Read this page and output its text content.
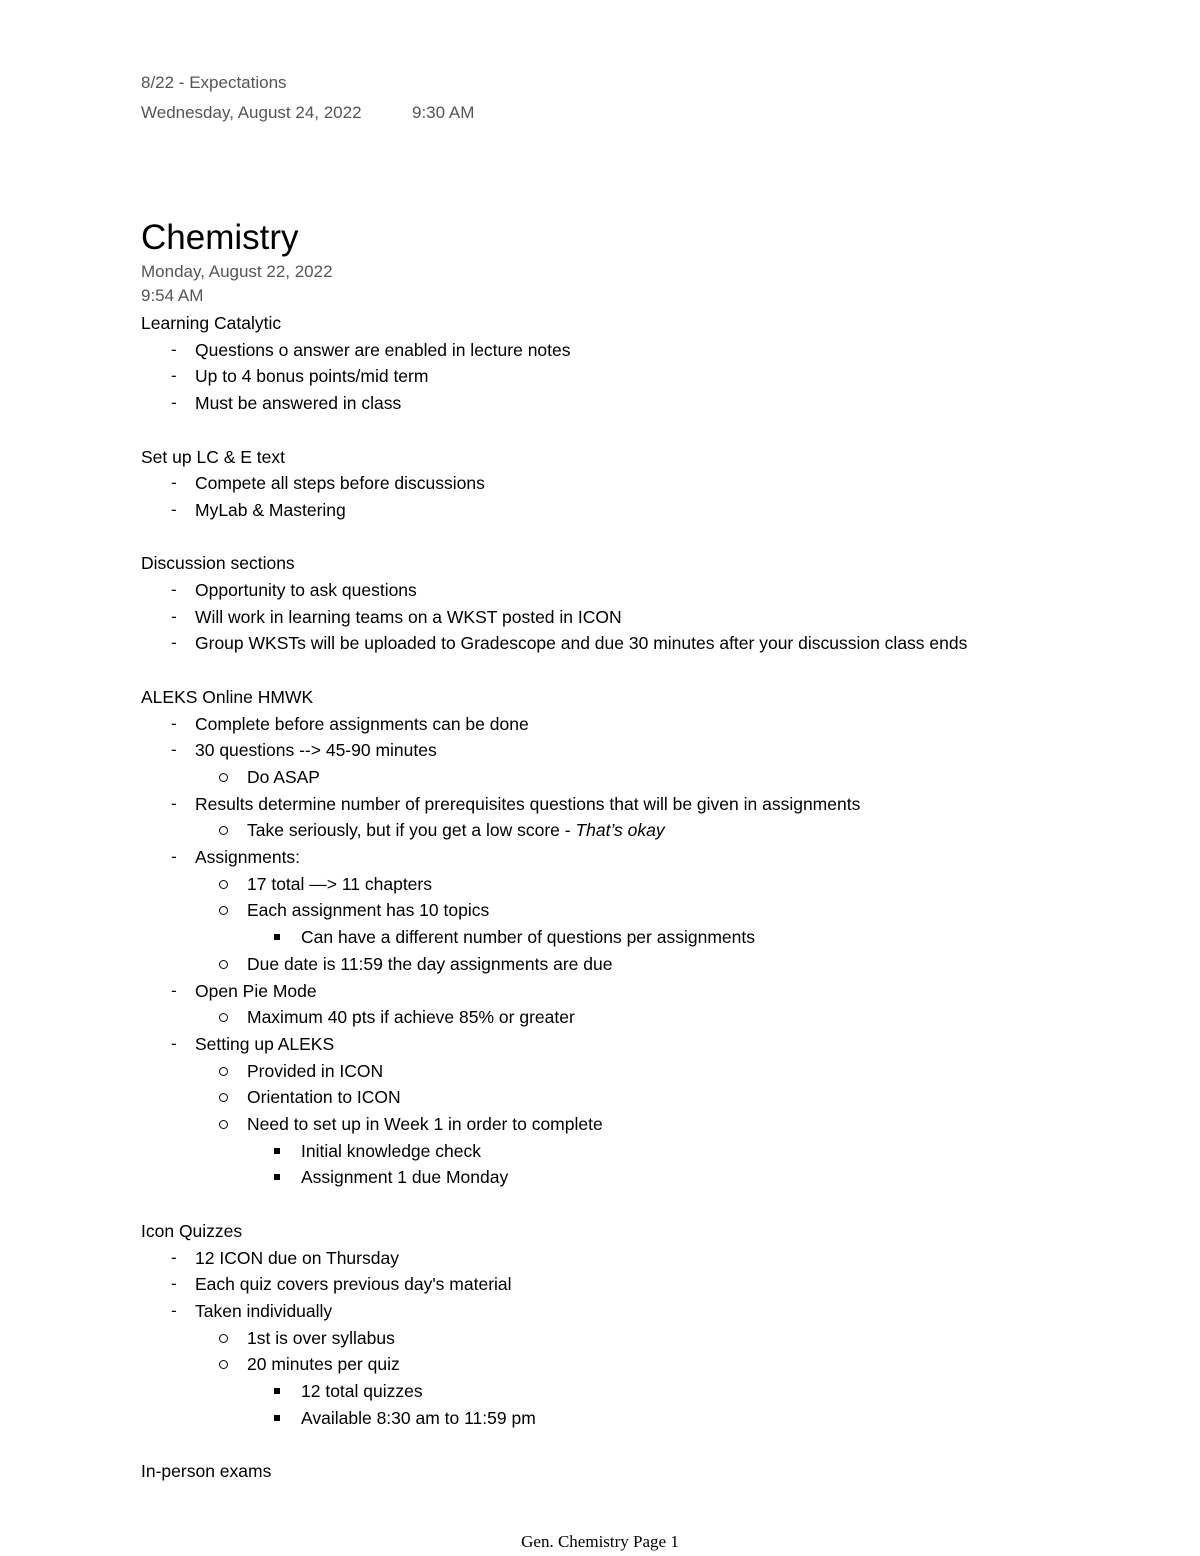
8/22 - Expectations
Wednesday, August 24, 2022	9:30 AM
Chemistry
Monday, August 22, 2022
9:54 AM
Learning Catalytic
- Questions o answer are enabled in lecture notes
- Up to 4 bonus points/mid term
- Must be answered in class
Set up LC & E text
- Compete all steps before discussions
- MyLab & Mastering
Discussion sections
- Opportunity to ask questions
- Will work in learning teams on a WKST posted in ICON
- Group WKSTs will be uploaded to Gradescope and due 30 minutes after your discussion class ends
ALEKS Online HMWK
- Complete before assignments can be done
- 30 questions --> 45-90 minutes
Do ASAP
- Results determine number of prerequisites questions that will be given in assignments
Take seriously, but if you get a low score - That’s okay
- Assignments:
17 total —> 11 chapters
Each assignment has 10 topics
Can have a different number of questions per assignments
Due date is 11:59 the day assignments are due
- Open Pie Mode
Maximum 40 pts if achieve 85% or greater
- Setting up ALEKS
Provided in ICON
Orientation to ICON
Need to set up in Week 1 in order to complete
Initial knowledge check
Assignment 1 due Monday
Icon Quizzes
- 12 ICON due on Thursday
- Each quiz covers previous day's material
- Taken individually
1st is over syllabus
20 minutes per quiz
12 total quizzes
Available 8:30 am to 11:59 pm
In-person exams
Gen. Chemistry Page 1
